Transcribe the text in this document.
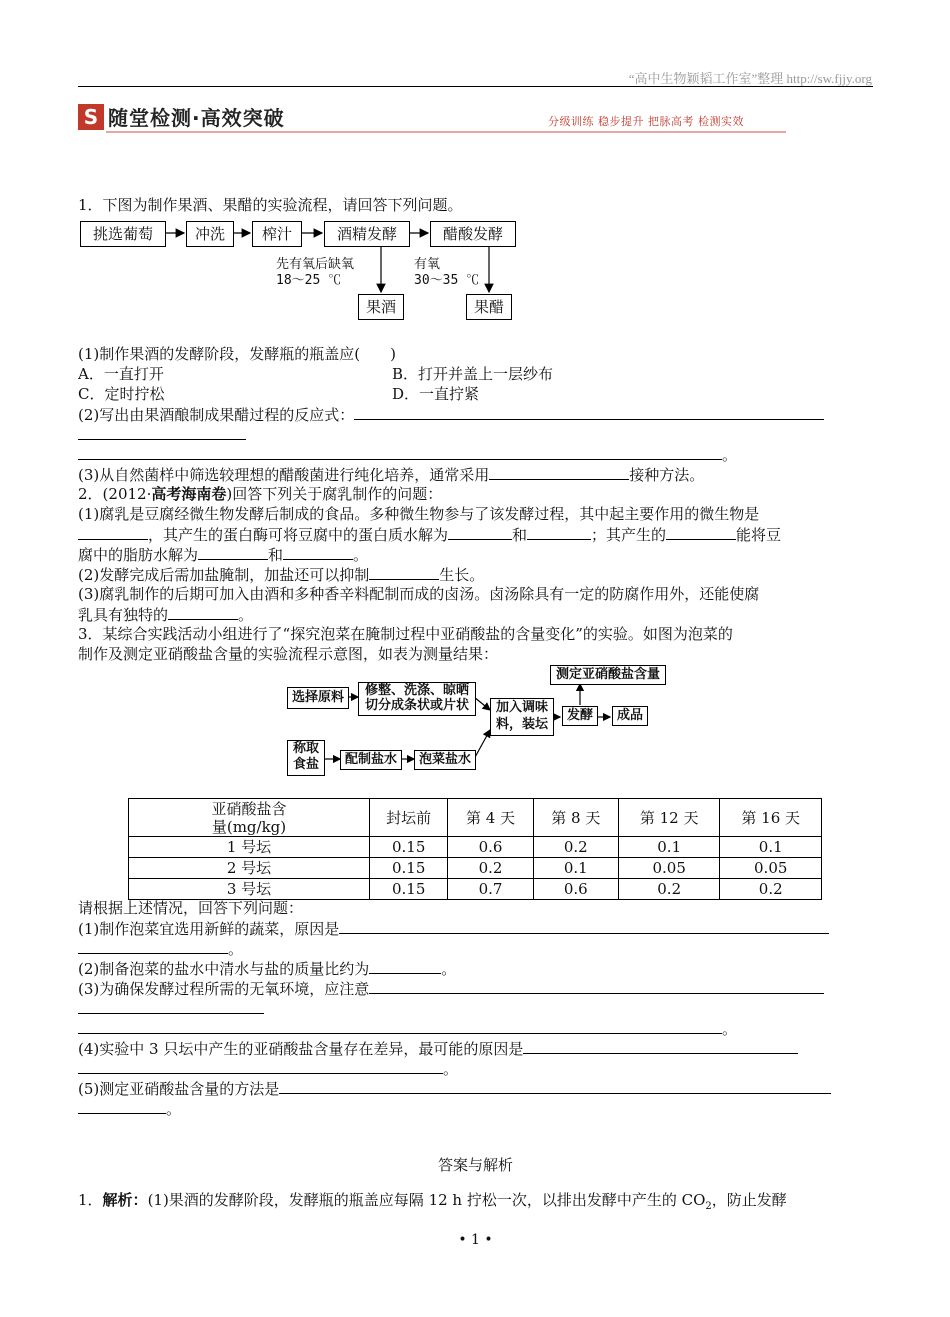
“高中生物颖韬工作室”整理 http://sw.fjjy.org
S 随堂检测·高效突破	分级训练 稳步提升 把脉高考 检测实效
1．下图为制作果酒、果醋的实验流程，请回答下列问题。
挑选葡萄	冲洗	榨汁	酒精发酵	醋酸发酵
先有氧后缺氧
18～25 ℃
有氧
30～35 ℃
果酒	果醋
(1)制作果酒的发酵阶段，发酵瓶的瓶盖应(　　)
A．一直打开	B．打开并盖上一层纱布
C．定时拧松	D．一直拧紧
(2)写出由果酒酿制成果醋过程的反应式：
。
(3)从自然菌样中筛选较理想的醋酸菌进行纯化培养，通常采用	接种方法。
2．(2012·高考海南卷)回答下列关于腐乳制作的问题：
(1)腐乳是豆腐经微生物发酵后制成的食品。多种微生物参与了该发酵过程，其中起主要作用的微生物是
，其产生的蛋白酶可将豆腐中的蛋白质水解为	和	；其产生的	能将豆
腐中的脂肪水解为	和	。
(2)发酵完成后需加盐腌制，加盐还可以抑制	生长。
(3)腐乳制作的后期可加入由酒和多种香辛料配制而成的卤汤。卤汤除具有一定的防腐作用外，还能使腐
乳具有独特的	。
3．某综合实践活动小组进行了“探究泡菜在腌制过程中亚硝酸盐的含量变化”的实验。如图为泡菜的
制作及测定亚硝酸盐含量的实验流程示意图，如表为测量结果：
选择原料	修整、洗涤、晾晒
切分成条状或片状	加入调味
料，装坛
测定亚硝酸盐含量
发酵	成品
称取
食盐	配制盐水	泡菜盐水
亚硝酸盐含
量(mg/kg)	封坛前	第 4 天	第 8 天	第 12 天	第 16 天
1 号坛	0.15	0.6	0.2	0.1	0.1
2 号坛	0.15	0.2	0.1	0.05	0.05
3 号坛	0.15	0.7	0.6	0.2	0.2
请根据上述情况，回答下列问题：
(1)制作泡菜宜选用新鲜的蔬菜，原因是
。
(2)制备泡菜的盐水中清水与盐的质量比约为	。
(3)为确保发酵过程所需的无氧环境，应注意
。
(4)实验中 3 只坛中产生的亚硝酸盐含量存在差异，最可能的原因是
。
(5)测定亚硝酸盐含量的方法是
。
答案与解析
1．解析：(1)果酒的发酵阶段，发酵瓶的瓶盖应每隔 12 h 拧松一次，以排出发酵中产生的 $CO_2$，防止发酵
• 1 •
